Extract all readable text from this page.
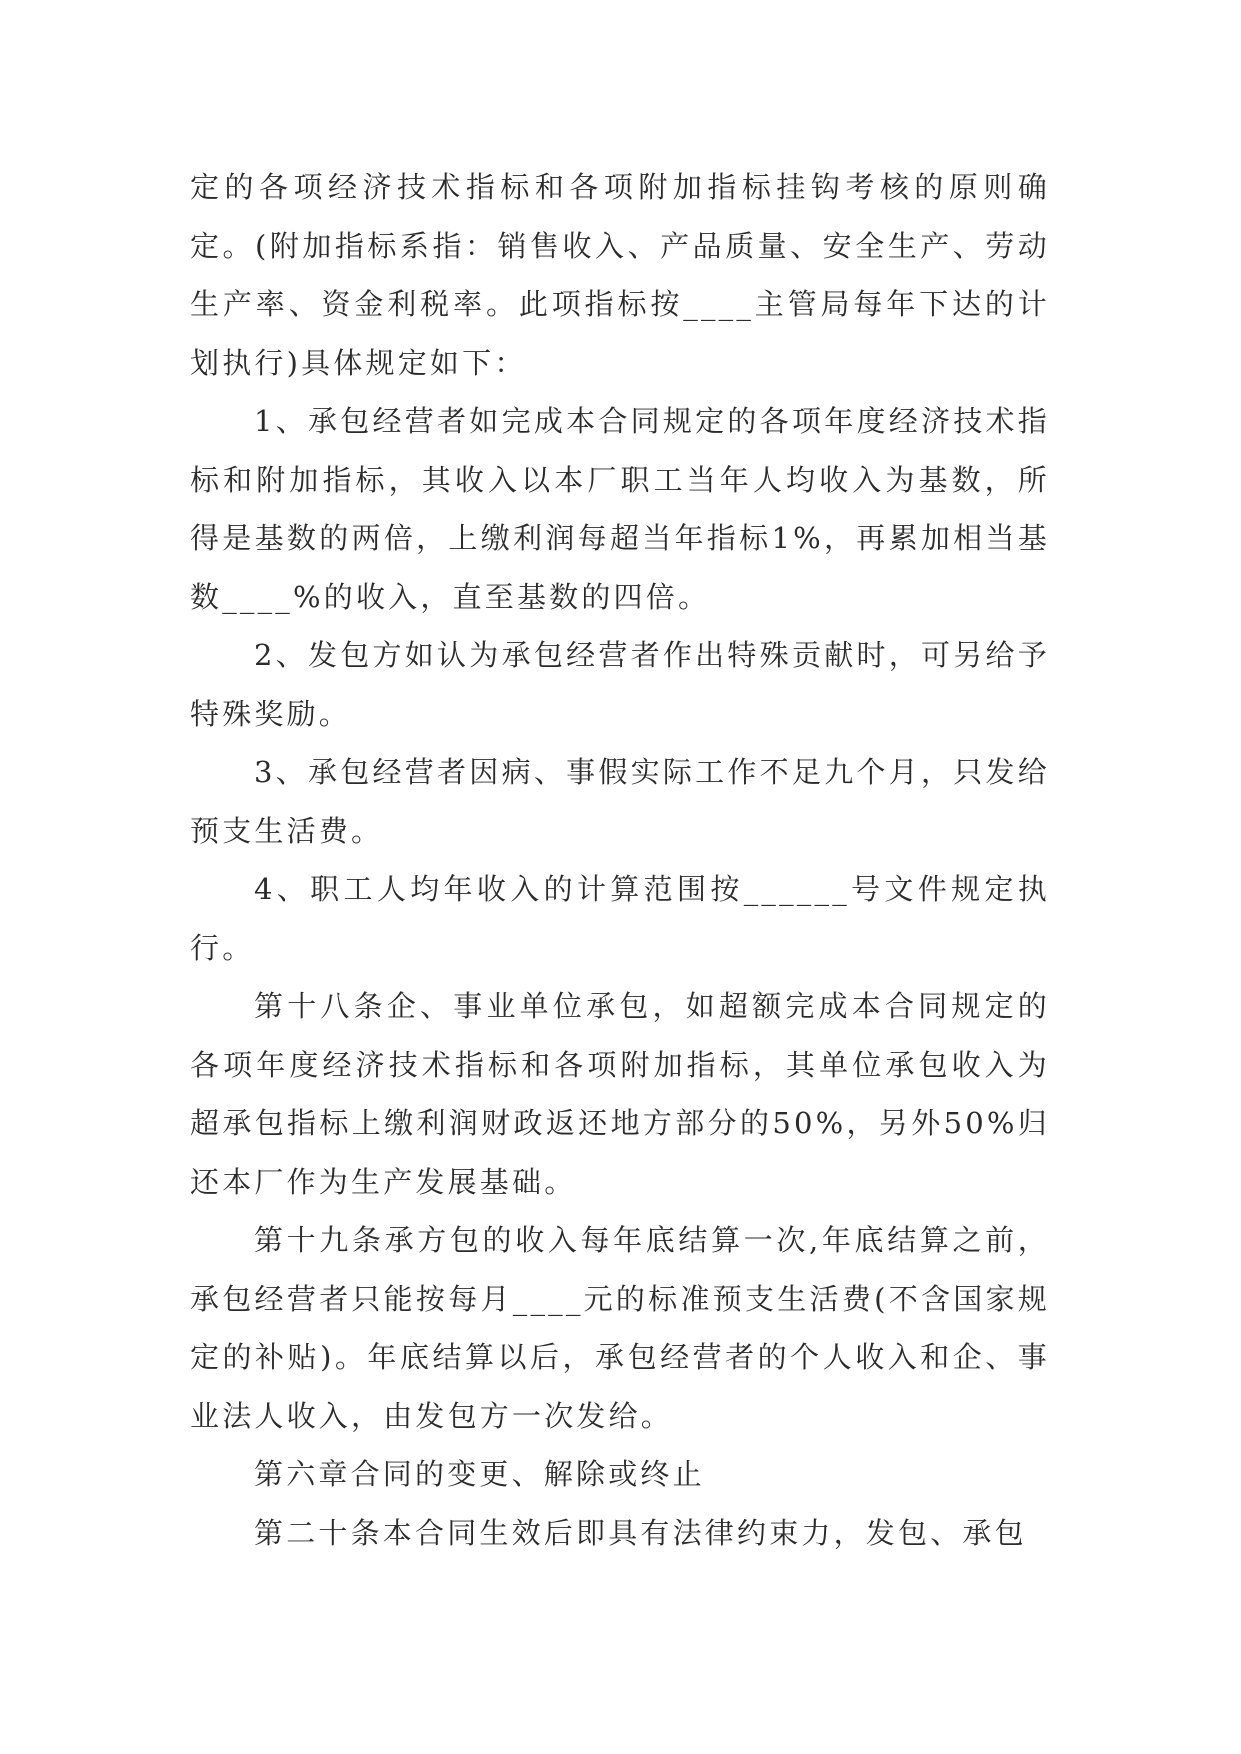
定的各项经济技术指标和各项附加指标挂钩考核的原则确定。(附加指标系指：销售收入、产品质量、安全生产、劳动生产率、资金利税率。此项指标按____主管局每年下达的计划执行)具体规定如下：

1、承包经营者如完成本合同规定的各项年度经济技术指标和附加指标，其收入以本厂职工当年人均收入为基数，所得是基数的两倍，上缴利润每超当年指标1%，再累加相当基数____%的收入，直至基数的四倍。

2、发包方如认为承包经营者作出特殊贡献时，可另给予特殊奖励。

3、承包经营者因病、事假实际工作不足九个月，只发给预支生活费。

4、职工人均年收入的计算范围按______号文件规定执行。

第十八条企、事业单位承包，如超额完成本合同规定的各项年度经济技术指标和各项附加指标，其单位承包收入为超承包指标上缴利润财政返还地方部分的50%，另外50%归还本厂作为生产发展基础。

第十九条承方包的收入每年底结算一次,年底结算之前，承包经营者只能按每月____元的标准预支生活费(不含国家规定的补贴)。年底结算以后，承包经营者的个人收入和企、事业法人收入，由发包方一次发给。

第六章合同的变更、解除或终止

第二十条本合同生效后即具有法律约束力，发包、承包
